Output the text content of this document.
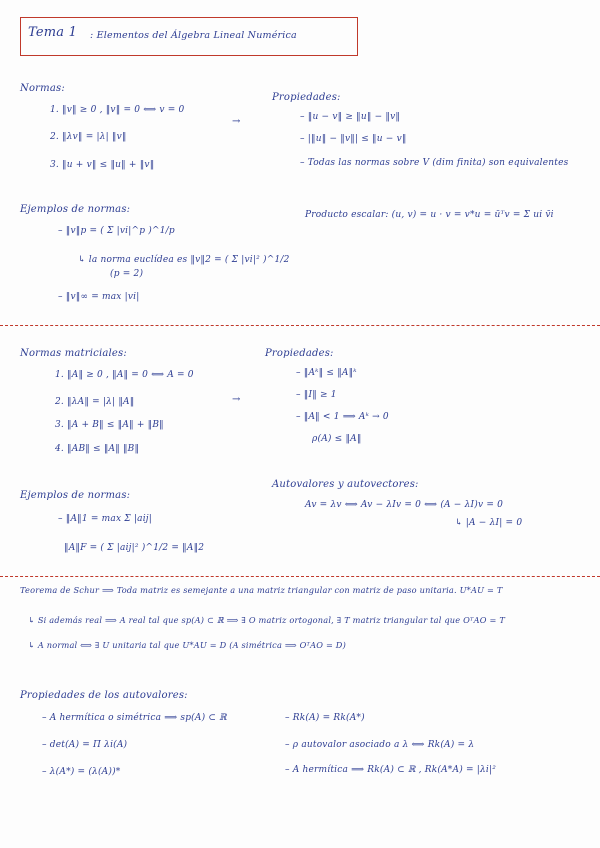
Tema 1 : Elementos del Álgebra Lineal Numérica
Normas:
1. ‖v‖ ≥ 0 , ‖v‖ = 0 ⟺ v = 0
2. ‖λv‖ = |λ| ‖v‖
3. ‖u + v‖ ≤ ‖u‖ + ‖v‖
→
Propiedades:
– ‖u − v‖ ≥ ‖u‖ − ‖v‖
– |‖u‖ − ‖v‖| ≤ ‖u − v‖
– Todas las normas sobre V (dim finita) son equivalentes
Ejemplos de normas:
– ‖v‖p = ( Σ |vi|^p )^1/p
↳ la norma euclídea es ‖v‖2 = ( Σ |vi|² )^1/2
(p = 2)
– ‖v‖∞ = max |vi|
Producto escalar: (u, v) = u · v = v*u = ūᵀv = Σ ui v̄i
Normas matriciales:
1. ‖A‖ ≥ 0 , ‖A‖ = 0 ⟺ A = 0
2. ‖λA‖ = |λ| ‖A‖
3. ‖A + B‖ ≤ ‖A‖ + ‖B‖
4. ‖AB‖ ≤ ‖A‖ ‖B‖
→
Propiedades:
– ‖Aᵏ‖ ≤ ‖A‖ᵏ
– ‖I‖ ≥ 1
– ‖A‖ < 1 ⟹ Aᵏ → 0
ρ(A) ≤ ‖A‖
Ejemplos de normas:
– ‖A‖1 = max Σ |aij|
‖A‖F = ( Σ |aij|² )^1/2 = ‖A‖2
Autovalores y autovectores:
Av = λv ⟺ Av − λIv = 0 ⟺ (A − λI)v = 0
↳ |A − λI| = 0
Teorema de Schur ⟹ Toda matriz es semejante a una matriz triangular con matriz de paso unitaria. U*AU = T
↳ Si además real ⟹ A real tal que sp(A) ⊂ ℝ ⟹ ∃ O matriz ortogonal, ∃ T matriz triangular tal que OᵀAO = T
↳ A normal ⟺ ∃ U unitaria tal que U*AU = D (A simétrica ⟹ OᵀAO = D)
Propiedades de los autovalores:
– A hermítica o simétrica ⟹ sp(A) ⊂ ℝ
– det(A) = Π λi(A)
– λ(A*) = (λ(A))*
– Rk(A) = Rk(A*)
– ρ autovalor asociado a λ ⟺ Rk(A) = λ
– A hermítica ⟹ Rk(A) ⊂ ℝ , Rk(A*A) = |λi|²
